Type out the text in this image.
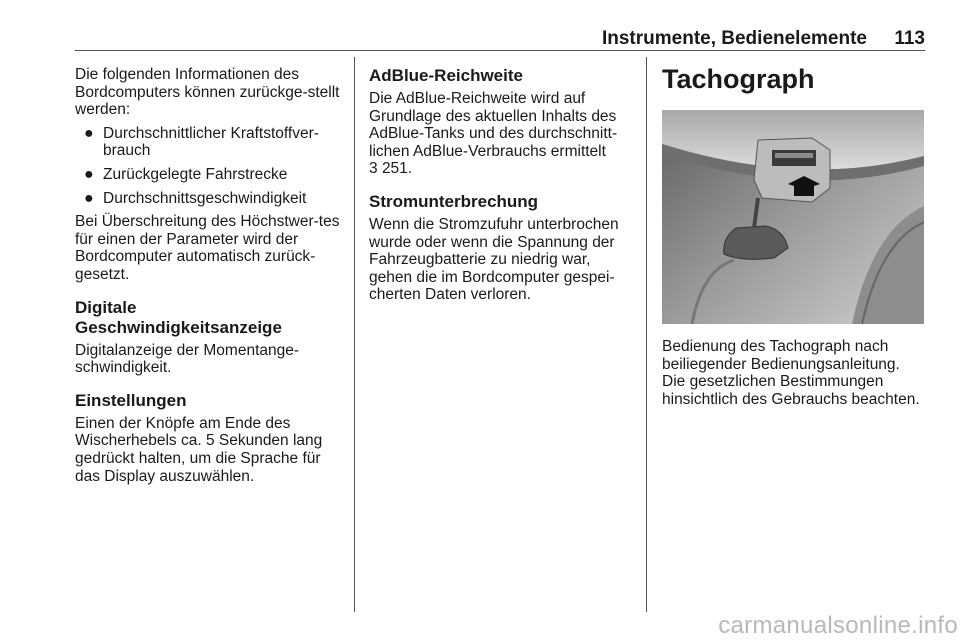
Instrumente, Bedienelemente 113

Die folgenden Informationen des Bordcomputers können zurückge-stellt werden:

● Durchschnittlicher Kraftstoffver-brauch
● Zurückgelegte Fahrstrecke
● Durchschnittsgeschwindigkeit

Bei Überschreitung des Höchstwer-tes für einen der Parameter wird der Bordcomputer automatisch zurück-gesetzt.

Digitale
Geschwindigkeitsanzeige

Digitalanzeige der Momentange-schwindigkeit.

Einstellungen

Einen der Knöpfe am Ende des Wischerhebels ca. 5 Sekunden lang gedrückt halten, um die Sprache für das Display auszuwählen.

AdBlue-Reichweite

Die AdBlue-Reichweite wird auf Grundlage des aktuellen Inhalts des AdBlue-Tanks und des durchschnitt-lichen AdBlue-Verbrauchs ermittelt
3 251.

Stromunterbrechung

Wenn die Stromzufuhr unterbrochen wurde oder wenn die Spannung der Fahrzeugbatterie zu niedrig war, gehen die im Bordcomputer gespei-cherten Daten verloren.

Tachograph

Bedienung des Tachograph nach beiliegender Bedienungsanleitung. Die gesetzlichen Bestimmungen hinsichtlich des Gebrauchs beachten.

carmanualsonline.info
